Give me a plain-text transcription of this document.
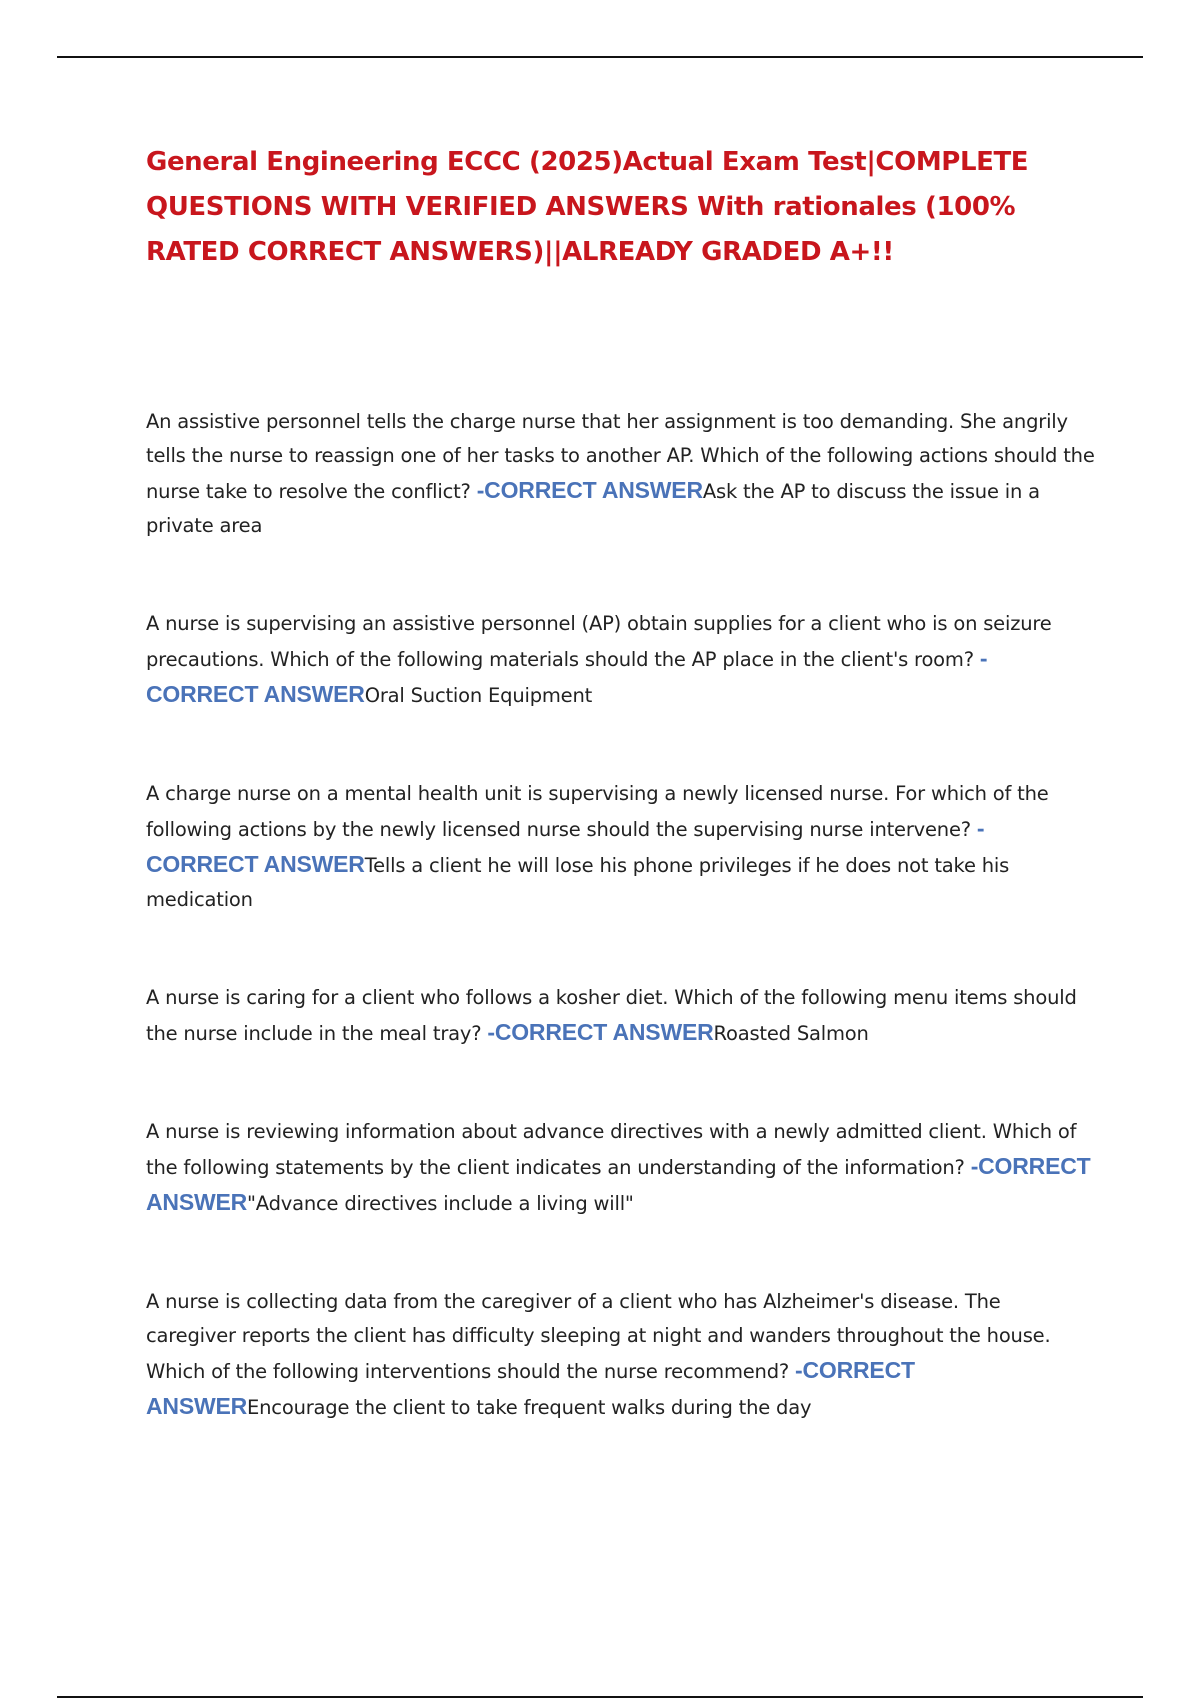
General Engineering ECCC (2025)Actual Exam Test|COMPLETE QUESTIONS WITH VERIFIED ANSWERS With rationales (100% RATED CORRECT ANSWERS)||ALREADY GRADED A+!!

An assistive personnel tells the charge nurse that her assignment is too demanding. She angrily tells the nurse to reassign one of her tasks to another AP. Which of the following actions should the nurse take to resolve the conflict? -CORRECT ANSWERAsk the AP to discuss the issue in a private area

A nurse is supervising an assistive personnel (AP) obtain supplies for a client who is on seizure precautions. Which of the following materials should the AP place in the client's room? -CORRECT ANSWEROral Suction Equipment

A charge nurse on a mental health unit is supervising a newly licensed nurse. For which of the following actions by the newly licensed nurse should the supervising nurse intervene? -CORRECT ANSWERTells a client he will lose his phone privileges if he does not take his medication

A nurse is caring for a client who follows a kosher diet. Which of the following menu items should the nurse include in the meal tray? -CORRECT ANSWERRoasted Salmon

A nurse is reviewing information about advance directives with a newly admitted client. Which of the following statements by the client indicates an understanding of the information? -CORRECT ANSWER"Advance directives include a living will"

A nurse is collecting data from the caregiver of a client who has Alzheimer's disease. The caregiver reports the client has difficulty sleeping at night and wanders throughout the house. Which of the following interventions should the nurse recommend? -CORRECT ANSWEREncourage the client to take frequent walks during the day
